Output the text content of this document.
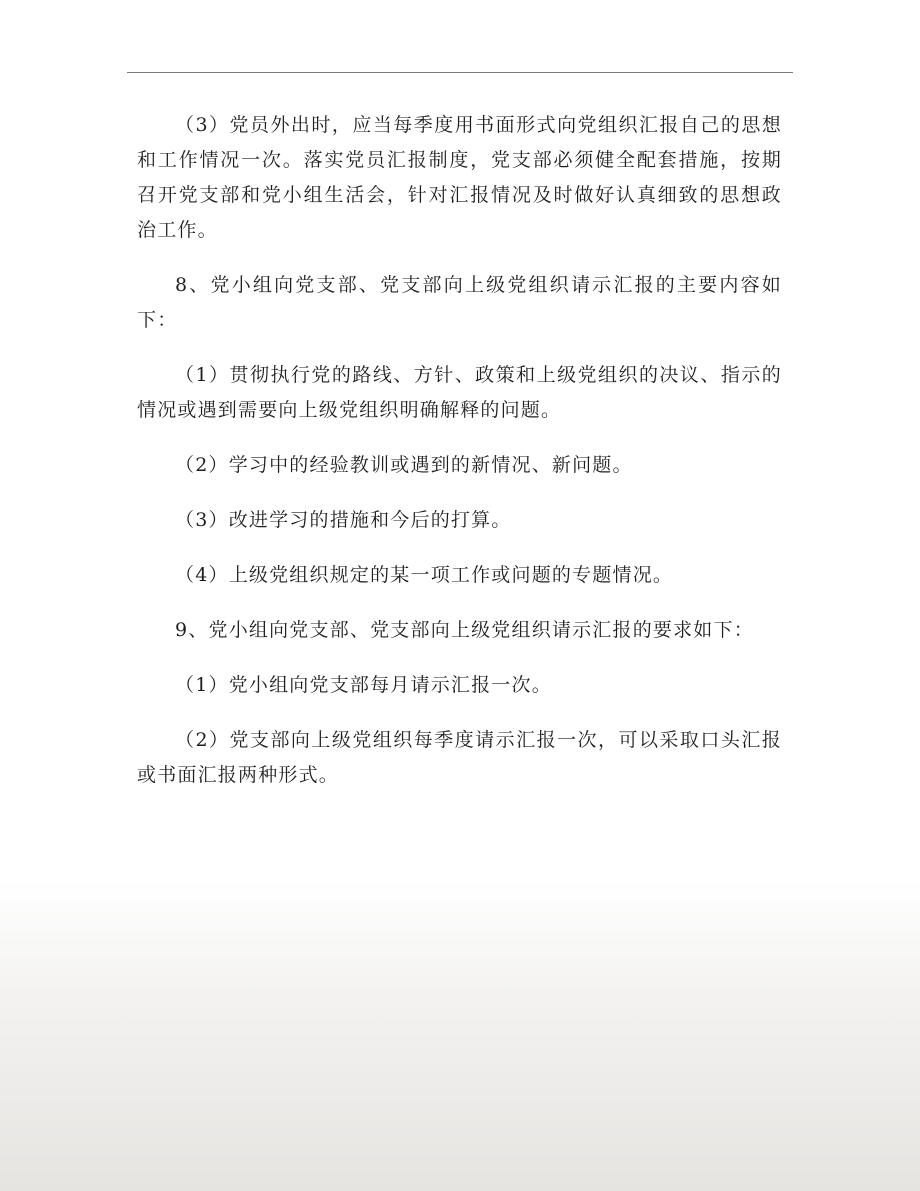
（3）党员外出时，应当每季度用书面形式向党组织汇报自己的思想和工作情况一次。落实党员汇报制度，党支部必须健全配套措施，按期召开党支部和党小组生活会，针对汇报情况及时做好认真细致的思想政治工作。

8、党小组向党支部、党支部向上级党组织请示汇报的主要内容如下：

（1）贯彻执行党的路线、方针、政策和上级党组织的决议、指示的情况或遇到需要向上级党组织明确解释的问题。

（2）学习中的经验教训或遇到的新情况、新问题。

（3）改进学习的措施和今后的打算。

（4）上级党组织规定的某一项工作或问题的专题情况。

9、党小组向党支部、党支部向上级党组织请示汇报的要求如下：

（1）党小组向党支部每月请示汇报一次。

（2）党支部向上级党组织每季度请示汇报一次，可以采取口头汇报或书面汇报两种形式。
